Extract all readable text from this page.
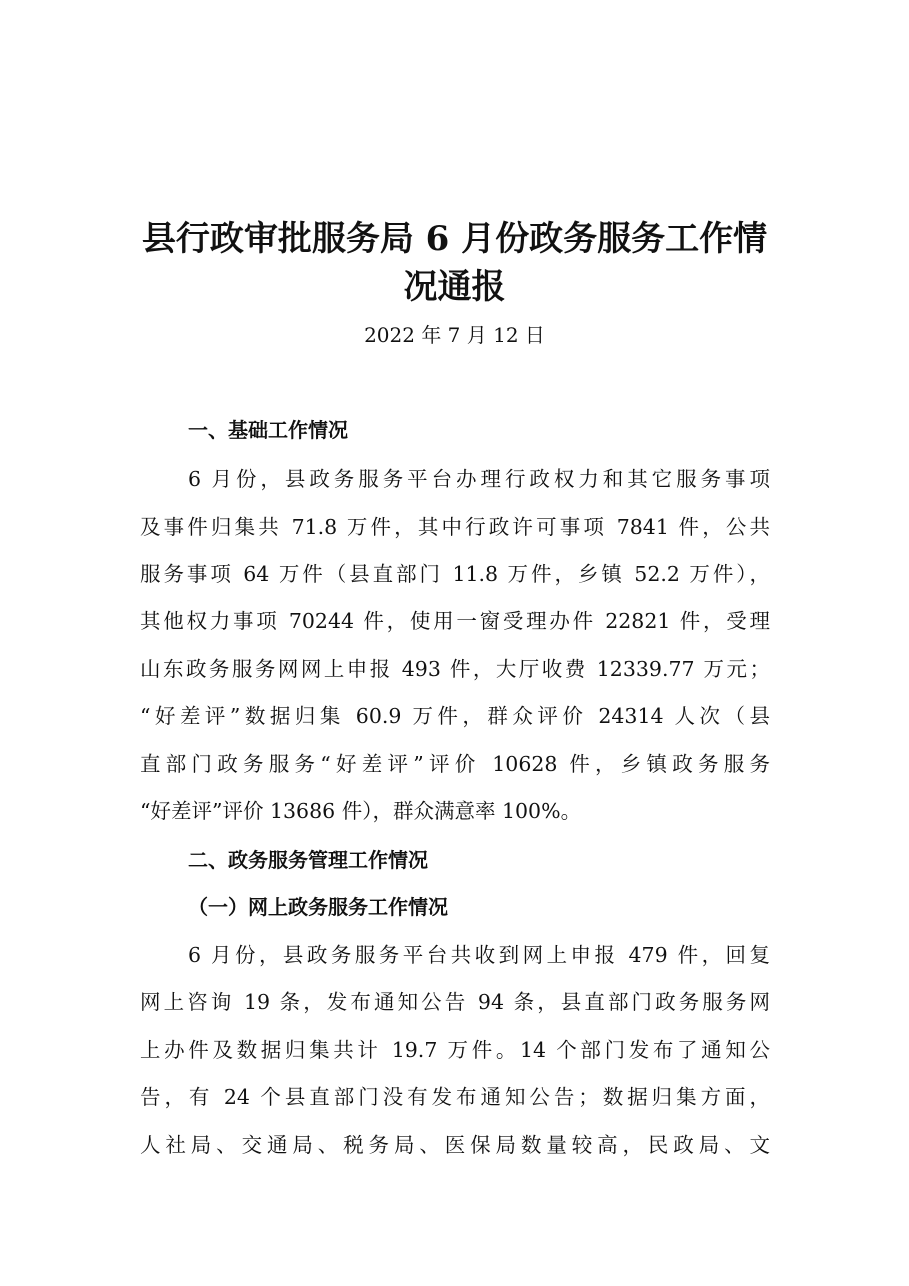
县行政审批服务局 6 月份政务服务工作情
况通报
2022 年 7 月 12 日
一、基础工作情况
6 月份，县政务服务平台办理行政权力和其它服务事项
及事件归集共 71.8 万件，其中行政许可事项 7841 件，公共
服务事项 64 万件（县直部门 11.8 万件，乡镇 52.2 万件），
其他权力事项 70244 件，使用一窗受理办件 22821 件，受理
山东政务服务网网上申报 493 件，大厅收费 12339.77 万元；
“好差评”数据归集 60.9 万件，群众评价 24314 人次（县
直部门政务服务“好差评”评价 10628 件，乡镇政务服务
“好差评”评价 13686 件），群众满意率 100%。
二、政务服务管理工作情况
（一）网上政务服务工作情况
6 月份，县政务服务平台共收到网上申报 479 件，回复
网上咨询 19 条，发布通知公告 94 条，县直部门政务服务网
上办件及数据归集共计 19.7 万件。14 个部门发布了通知公
告，有 24 个县直部门没有发布通知公告；数据归集方面，
人社局、交通局、税务局、医保局数量较高，民政局、文
